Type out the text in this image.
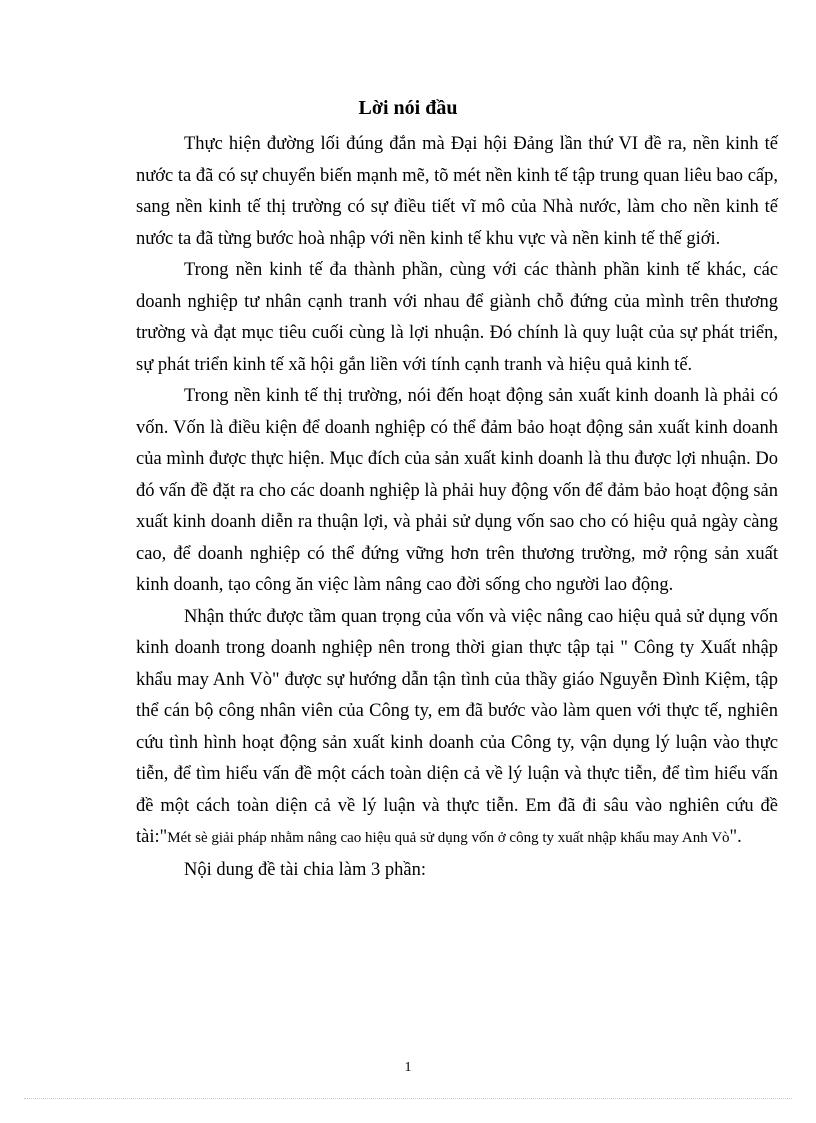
Lời nói đầu

Thực hiện đường lối đúng đắn mà Đại hội Đảng lần thứ VI đề ra, nền kinh tế nước ta đã có sự chuyển biến mạnh mẽ, tõ mét nền kinh tế tập trung quan liêu bao cấp, sang nền kinh tế thị trường có sự điều tiết vĩ mô của Nhà nước, làm cho nền kinh tế nước ta đã từng bước hoà nhập với nền kinh tế khu vực và nền kinh tế thế giới.

Trong nền kinh tế đa thành phần, cùng với các thành phần kinh tế khác, các doanh nghiệp tư nhân cạnh tranh với nhau để giành chỗ đứng của mình trên thương trường và đạt mục tiêu cuối cùng là lợi nhuận. Đó chính là quy luật của sự phát triển, sự phát triển kinh tế xã hội gắn liền với tính cạnh tranh và hiệu quả kinh tế.

Trong nền kinh tế thị trường, nói đến hoạt động sản xuất kinh doanh là phải có vốn. Vốn là điều kiện để doanh nghiệp có thể đảm bảo hoạt động sản xuất kinh doanh của mình được thực hiện. Mục đích của sản xuất kinh doanh là thu được lợi nhuận. Do đó vấn đề đặt ra cho các doanh nghiệp là phải huy động vốn để đảm bảo hoạt động sản xuất kinh doanh diễn ra thuận lợi, và phải sử dụng vốn sao cho có hiệu quả ngày càng cao, để doanh nghiệp có thể đứng vững hơn trên thương trường, mở rộng sản xuất kinh doanh, tạo công ăn việc làm nâng cao đời sống cho người lao động.

Nhận thức được tầm quan trọng của vốn và việc nâng cao hiệu quả sử dụng vốn kinh doanh trong doanh nghiệp nên trong thời gian thực tập tại " Công ty Xuất nhập khẩu may Anh Vò" được sự hướng dẫn tận tình của thầy giáo Nguyễn Đình Kiệm, tập thể cán bộ công nhân viên của Công ty, em đã bước vào làm quen với thực tế, nghiên cứu tình hình hoạt động sản xuất kinh doanh của Công ty, vận dụng lý luận vào thực tiễn, để tìm hiểu vấn đề một cách toàn diện cả về lý luận và thực tiễn, để tìm hiểu vấn đề một cách toàn diện cả về lý luận và thực tiễn. Em đã đi sâu vào nghiên cứu đề tài:"Mét sè giải pháp nhằm nâng cao hiệu quả sử dụng vốn ở công ty xuất nhập khẩu may Anh Vò".

Nội dung đề tài chia làm 3 phần:

1
